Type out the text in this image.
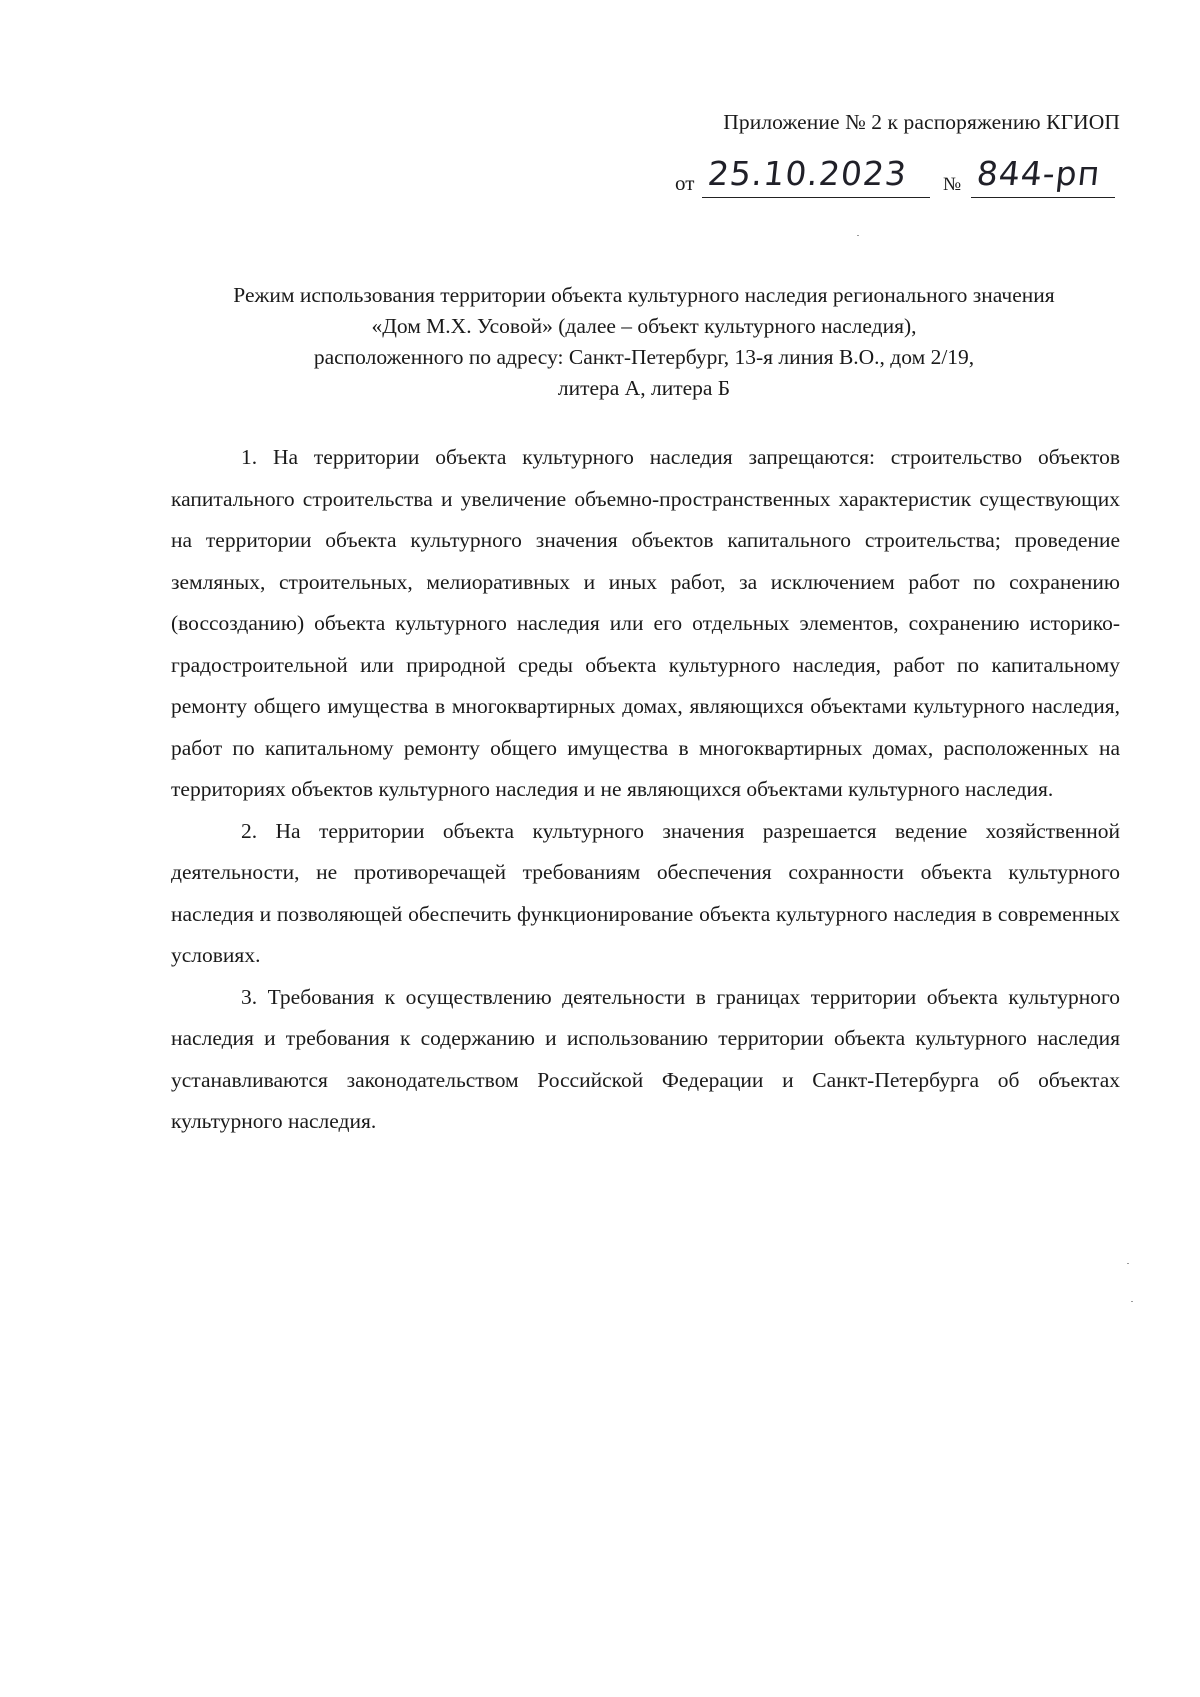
Приложение № 2 к распоряжению КГИОП
от 25.10.2023 № 844-рп
Режим использования территории объекта культурного наследия регионального значения
«Дом М.Х. Усовой» (далее – объект культурного наследия),
расположенного по адресу: Санкт-Петербург, 13-я линия В.О., дом 2/19,
литера А, литера Б

1. На территории объекта культурного наследия запрещаются: строительство объектов капитального строительства и увеличение объемно-пространственных характеристик существующих на территории объекта культурного значения объектов капитального строительства; проведение земляных, строительных, мелиоративных и иных работ, за исключением работ по сохранению (воссозданию) объекта культурного наследия или его отдельных элементов, сохранению историко-градостроительной или природной среды объекта культурного наследия, работ по капитальному ремонту общего имущества в многоквартирных домах, являющихся объектами культурного наследия, работ по капитальному ремонту общего имущества в многоквартирных домах, расположенных на территориях объектов культурного наследия и не являющихся объектами культурного наследия.

2. На территории объекта культурного значения разрешается ведение хозяйственной деятельности, не противоречащей требованиям обеспечения сохранности объекта культурного наследия и позволяющей обеспечить функционирование объекта культурного наследия в современных условиях.

3. Требования к осуществлению деятельности в границах территории объекта культурного наследия и требования к содержанию и использованию территории объекта культурного наследия устанавливаются законодательством Российской Федерации и Санкт-Петербурга об объектах культурного наследия.
